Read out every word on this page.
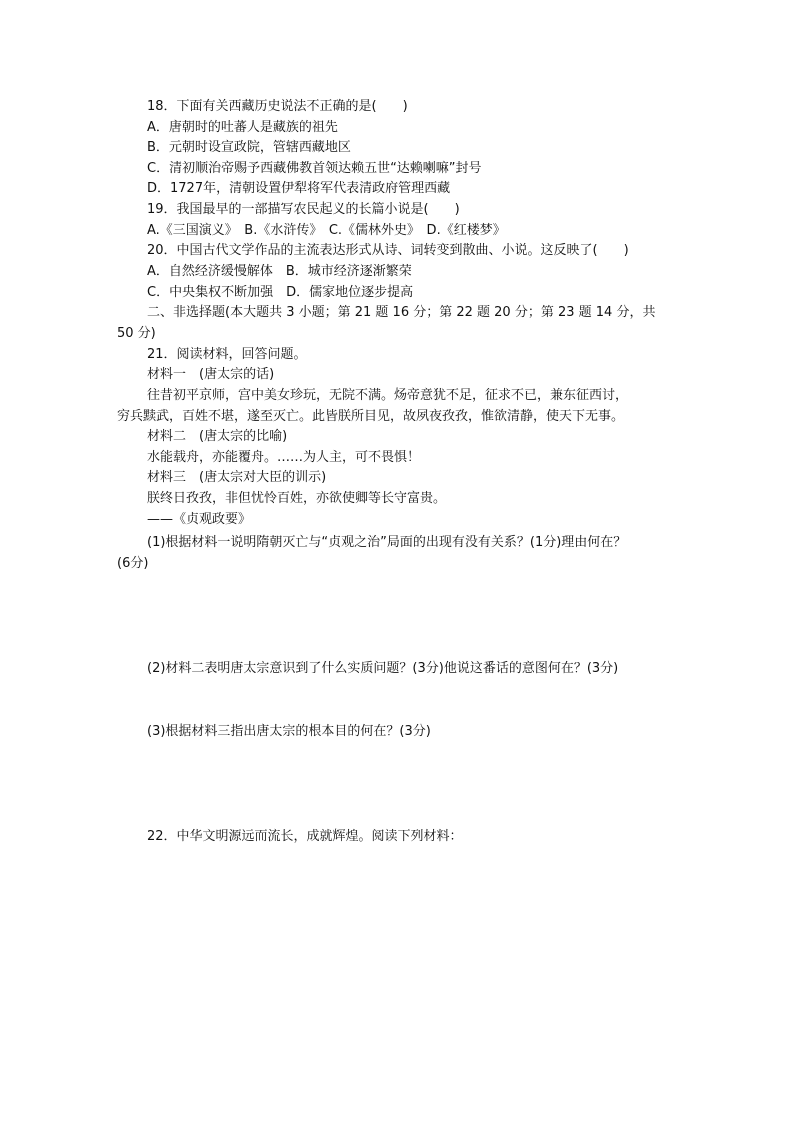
18．下面有关西藏历史说法不正确的是(　　)
A．唐朝时的吐蕃人是藏族的祖先
B．元朝时设宣政院，管辖西藏地区
C．清初顺治帝赐予西藏佛教首领达赖五世“达赖喇嘛”封号
D．1727年，清朝设置伊犁将军代表清政府管理西藏
19．我国最早的一部描写农民起义的长篇小说是(　　)
A.《三国演义》　B.《水浒传》　C.《儒林外史》　D.《红楼梦》
20．中国古代文学作品的主流表达形式从诗、词转变到散曲、小说。这反映了(　　)
A．自然经济缓慢解体　B．城市经济逐渐繁荣
C．中央集权不断加强　D．儒家地位逐步提高
二、非选择题(本大题共 3 小题；第 21 题 16 分；第 22 题 20 分；第 23 题 14 分，共
50 分)
21．阅读材料，回答问题。
材料一　(唐太宗的话)
往昔初平京师，宫中美女珍玩，无院不满。炀帝意犹不足，征求不已，兼东征西讨，
穷兵黩武，百姓不堪，遂至灭亡。此皆朕所目见，故夙夜孜孜，惟欲清静，使天下无事。
材料二　(唐太宗的比喻)
水能载舟，亦能覆舟。……为人主，可不畏惧！
材料三　(唐太宗对大臣的训示)
朕终日孜孜，非但忧怜百姓，亦欲使卿等长守富贵。
——《贞观政要》
(1)根据材料一说明隋朝灭亡与“贞观之治”局面的出现有没有关系？(1分)理由何在？
(6分)
(2)材料二表明唐太宗意识到了什么实质问题？(3分)他说这番话的意图何在？(3分)
(3)根据材料三指出唐太宗的根本目的何在？(3分)
22．中华文明源远而流长，成就辉煌。阅读下列材料：
